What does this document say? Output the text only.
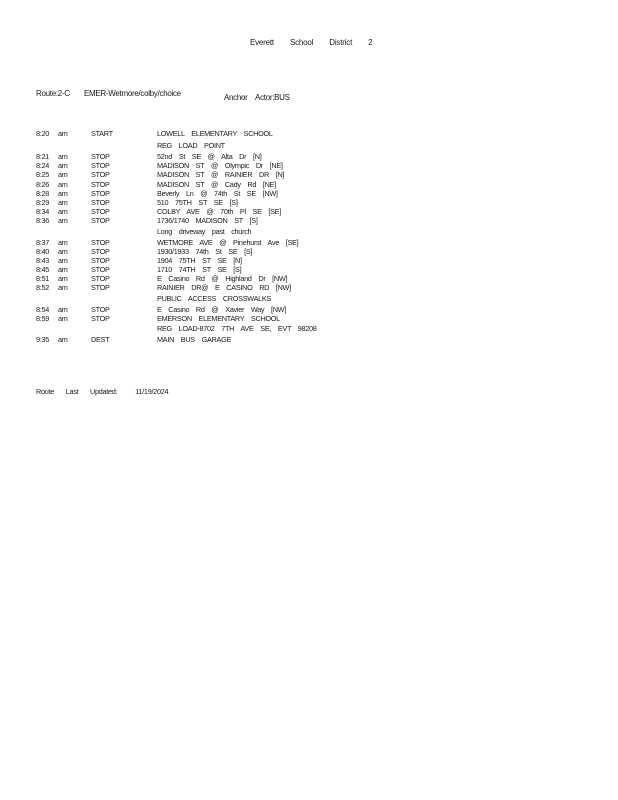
Everett School District 2
Route:2-C EMER-Wetmore/colby/choice	Anchor Actor:BUS
8:20 am	START	LOWELL ELEMENTARY SCHOOL
REG LOAD POINT
8:21 am	STOP	52nd St SE @ Alta Dr [N]
8:24 am	STOP	MADISON ST @ Olympic Dr [NE]
8:25 am	STOP	MADISON ST @ RAINIER DR [N]
8:26 am	STOP	MADISON ST @ Cady Rd [NE]
8:28 am	STOP	Beverly Ln @ 74th St SE [NW]
8:29 am	STOP	510 75TH ST SE [S]
8:34 am	STOP	COLBY AVE @ 70th Pl SE [SE]
8:36 am	STOP	1736/1740 MADISON ST [S]
Long driveway past church
8:37 am	STOP	WETMORE AVE @ Pinehurst Ave [SE]
8:40 am	STOP	1930/1933 74th St SE [S]
8:43 am	STOP	1904 75TH ST SE [N]
8:45 am	STOP	1710 74TH ST SE [S]
8:51 am	STOP	E Casino Rd @ Highland Dr [NW]
8:52 am	STOP	RAINIER DR@ E CASINO RD [NW]
PUBLIC ACCESS CROSSWALKS
8:54 am	STOP	E Casino Rd @ Xavier Way [NW]
8:59 am	STOP	EMERSON ELEMENTARY SCHOOL
REG LOAD-8702 7TH AVE SE, EVT 98208
9:35 am	DEST	MAIN BUS GARAGE
Route Last Updated: 11/19/2024
